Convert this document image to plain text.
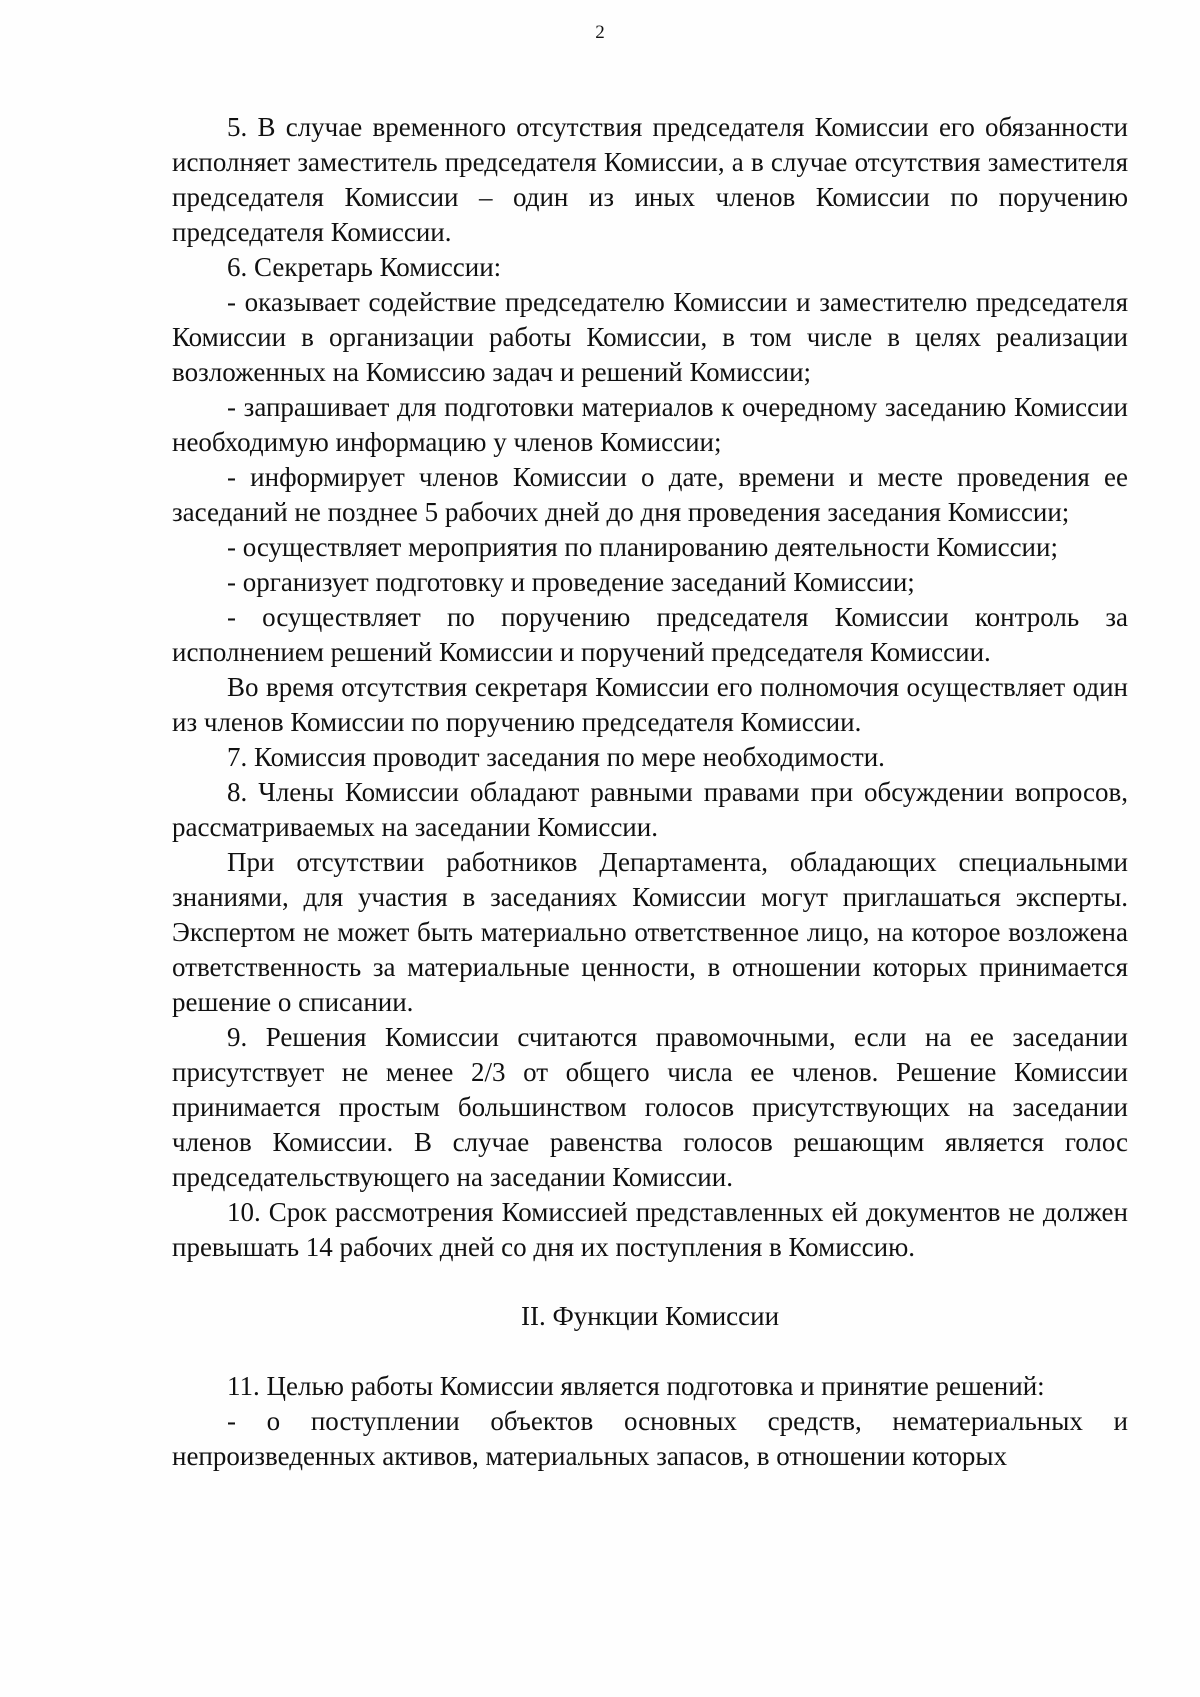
2

5. В случае временного отсутствия председателя Комиссии его обязанности исполняет заместитель председателя Комиссии, а в случае отсутствия заместителя председателя Комиссии – один из иных членов Комиссии по поручению председателя Комиссии.

6. Секретарь Комиссии:

- оказывает содействие председателю Комиссии и заместителю председателя Комиссии в организации работы Комиссии, в том числе в целях реализации возложенных на Комиссию задач и решений Комиссии;

- запрашивает для подготовки материалов к очередному заседанию Комиссии необходимую информацию у членов Комиссии;

- информирует членов Комиссии о дате, времени и месте проведения ее заседаний не позднее 5 рабочих дней до дня проведения заседания Комиссии;

- осуществляет мероприятия по планированию деятельности Комиссии;

- организует подготовку и проведение заседаний Комиссии;

- осуществляет по поручению председателя Комиссии контроль за исполнением решений Комиссии и поручений председателя Комиссии.

Во время отсутствия секретаря Комиссии его полномочия осуществляет один из членов Комиссии по поручению председателя Комиссии.

7. Комиссия проводит заседания по мере необходимости.

8. Члены Комиссии обладают равными правами при обсуждении вопросов, рассматриваемых на заседании Комиссии.

При отсутствии работников Департамента, обладающих специальными знаниями, для участия в заседаниях Комиссии могут приглашаться эксперты. Экспертом не может быть материально ответственное лицо, на которое возложена ответственность за материальные ценности, в отношении которых принимается решение о списании.

9. Решения Комиссии считаются правомочными, если на ее заседании присутствует не менее 2/3 от общего числа ее членов. Решение Комиссии принимается простым большинством голосов присутствующих на заседании членов Комиссии. В случае равенства голосов решающим является голос председательствующего на заседании Комиссии.

10. Срок рассмотрения Комиссией представленных ей документов не должен превышать 14 рабочих дней со дня их поступления в Комиссию.

II. Функции Комиссии

11. Целью работы Комиссии является подготовка и принятие решений:

- о поступлении объектов основных средств, нематериальных и непроизведенных активов, материальных запасов, в отношении которых
